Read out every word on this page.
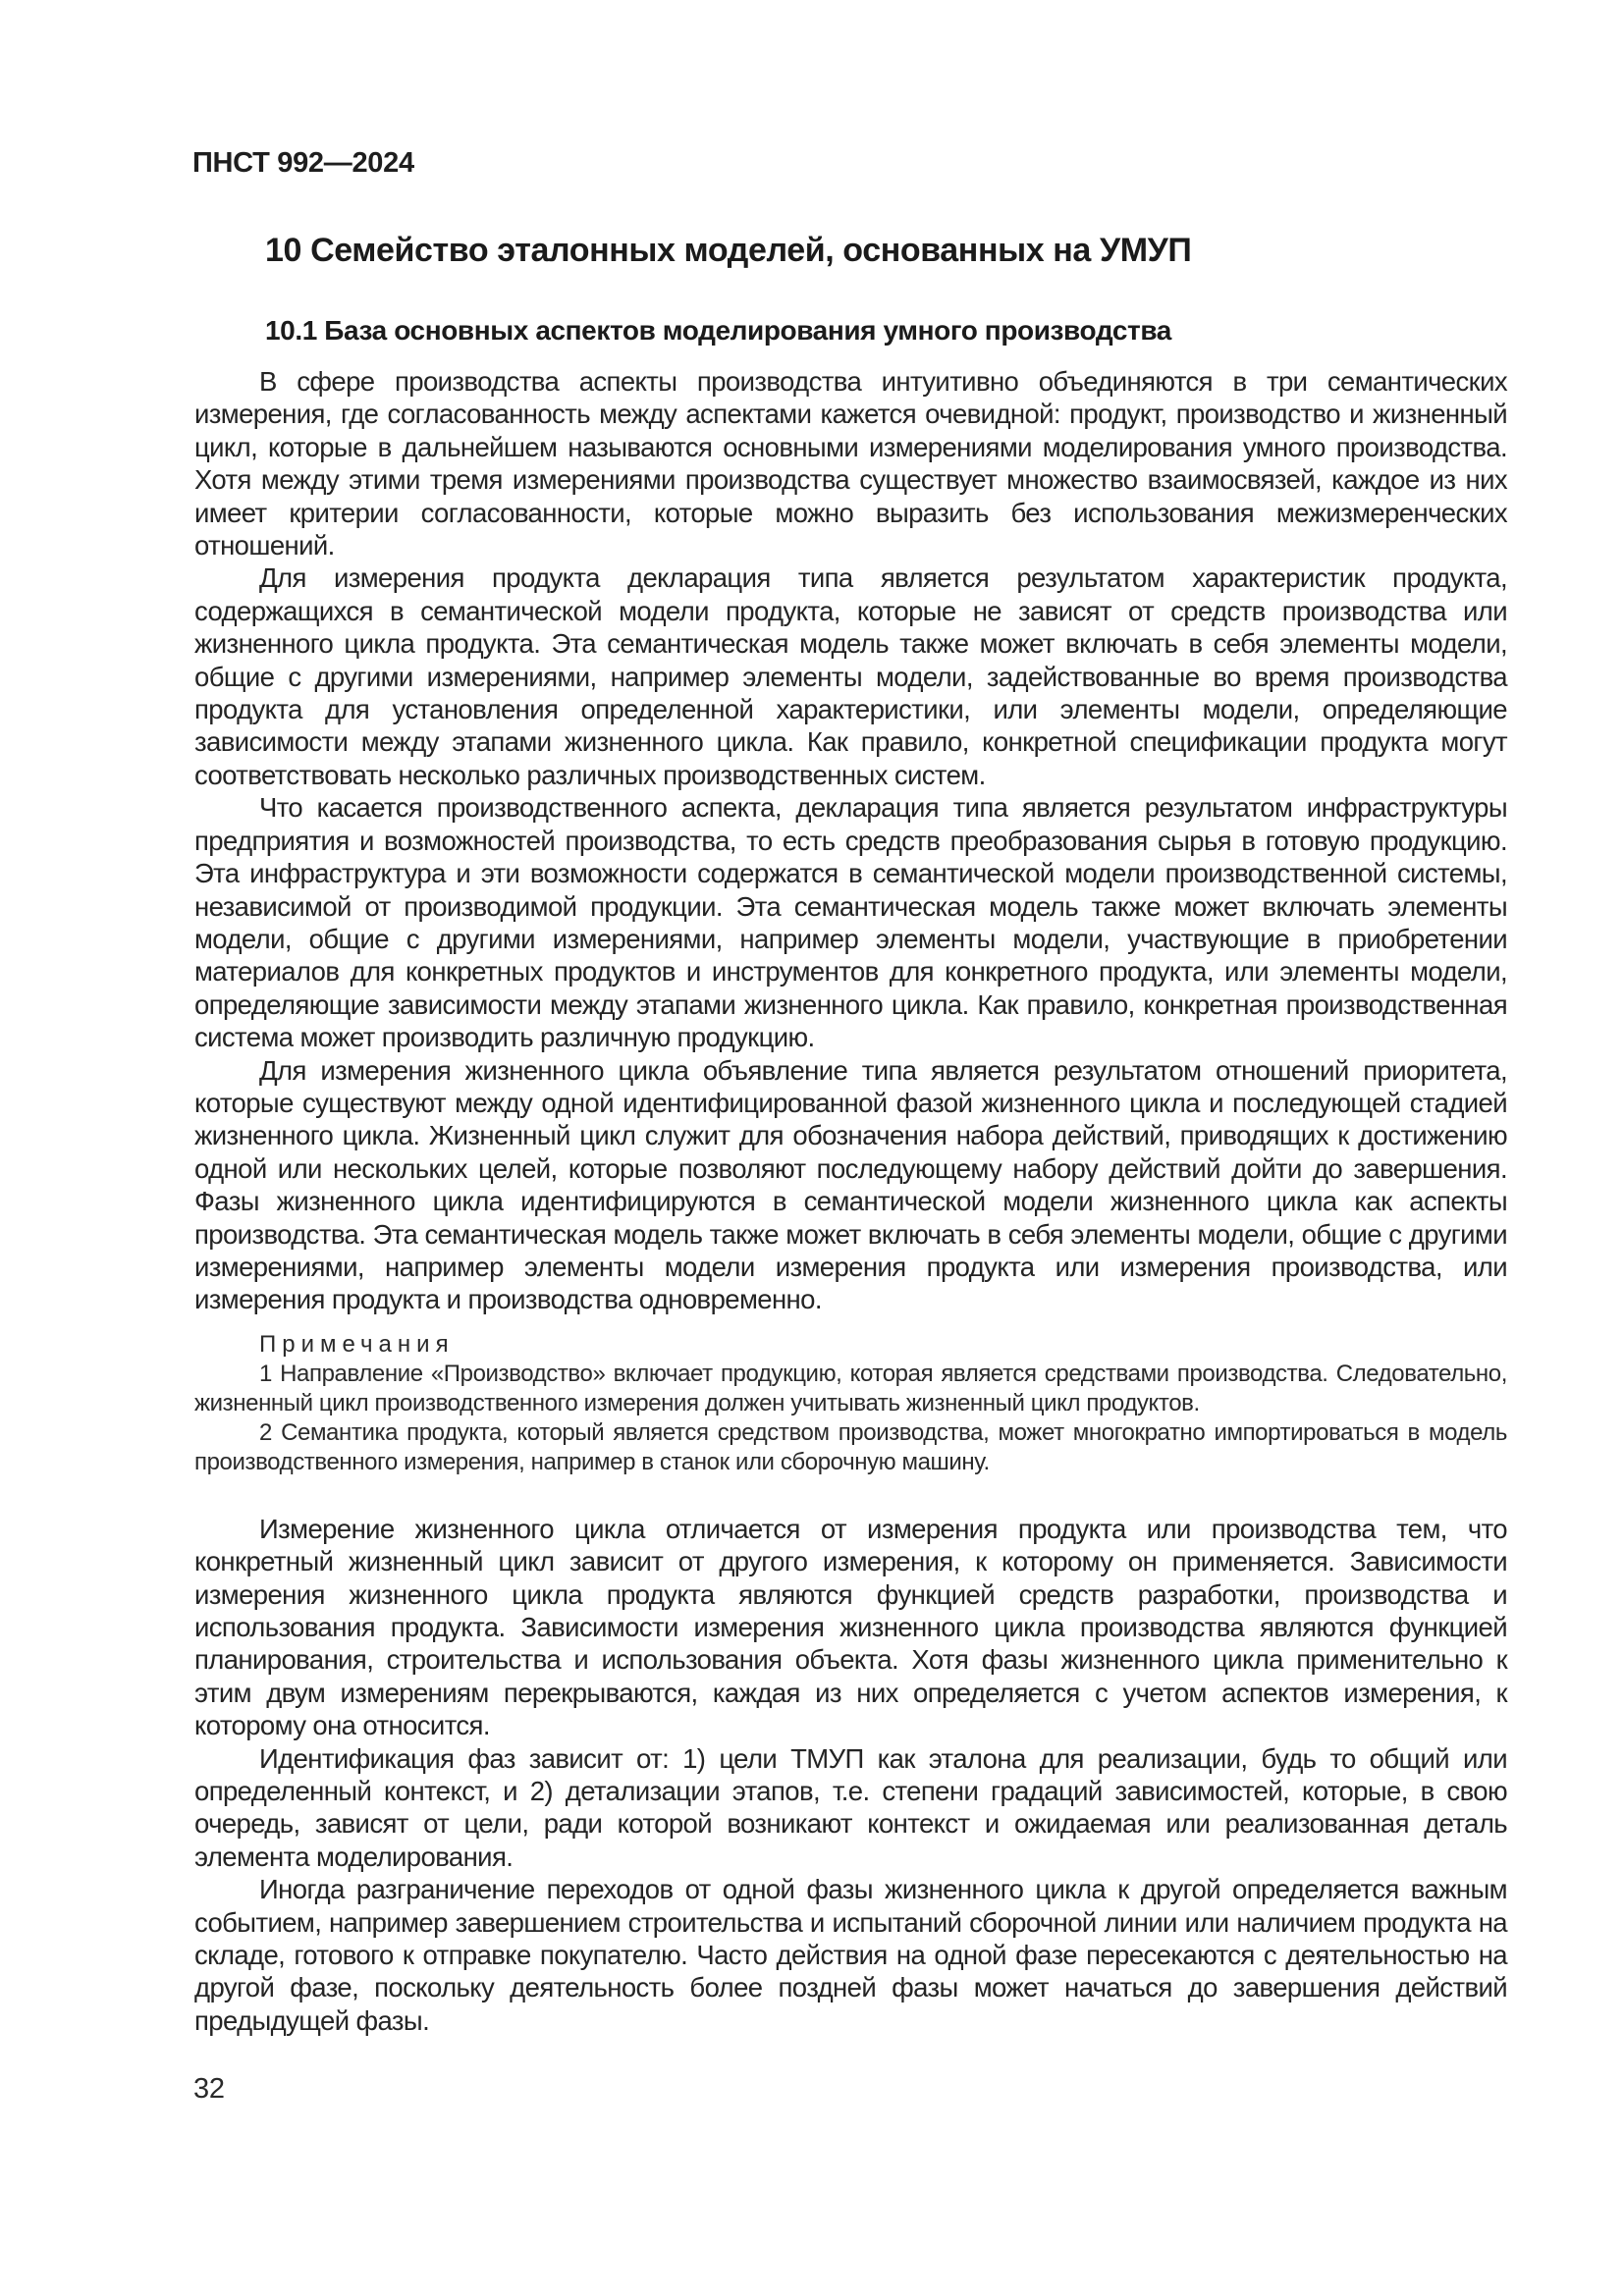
ПНСТ 992—2024
10 Семейство эталонных моделей, основанных на УМУП
10.1 База основных аспектов моделирования умного производства

В сфере производства аспекты производства интуитивно объединяются в три семантических измерения, где согласованность между аспектами кажется очевидной: продукт, производство и жизненный цикл, которые в дальнейшем называются основными измерениями моделирования умного производства. Хотя между этими тремя измерениями производства существует множество взаимосвязей, каждое из них имеет критерии согласованности, которые можно выразить без использования межизмеренческих отношений.

Для измерения продукта декларация типа является результатом характеристик продукта, содержащихся в семантической модели продукта, которые не зависят от средств производства или жизненного цикла продукта. Эта семантическая модель также может включать в себя элементы модели, общие с другими измерениями, например элементы модели, задействованные во время производства продукта для установления определенной характеристики, или элементы модели, определяющие зависимости между этапами жизненного цикла. Как правило, конкретной спецификации продукта могут соответствовать несколько различных производственных систем.

Что касается производственного аспекта, декларация типа является результатом инфраструктуры предприятия и возможностей производства, то есть средств преобразования сырья в готовую продукцию. Эта инфраструктура и эти возможности содержатся в семантической модели производственной системы, независимой от производимой продукции. Эта семантическая модель также может включать элементы модели, общие с другими измерениями, например элементы модели, участвующие в приобретении материалов для конкретных продуктов и инструментов для конкретного продукта, или элементы модели, определяющие зависимости между этапами жизненного цикла. Как правило, конкретная производственная система может производить различную продукцию.

Для измерения жизненного цикла объявление типа является результатом отношений приоритета, которые существуют между одной идентифицированной фазой жизненного цикла и последующей стадией жизненного цикла. Жизненный цикл служит для обозначения набора действий, приводящих к достижению одной или нескольких целей, которые позволяют последующему набору действий дойти до завершения. Фазы жизненного цикла идентифицируются в семантической модели жизненного цикла как аспекты производства. Эта семантическая модель также может включать в себя элементы модели, общие с другими измерениями, например элементы модели измерения продукта или измерения производства, или измерения продукта и производства одновременно.

Примечания

1 Направление «Производство» включает продукцию, которая является средствами производства. Следовательно, жизненный цикл производственного измерения должен учитывать жизненный цикл продуктов.

2 Семантика продукта, который является средством производства, может многократно импортироваться в модель производственного измерения, например в станок или сборочную машину.

Измерение жизненного цикла отличается от измерения продукта или производства тем, что конкретный жизненный цикл зависит от другого измерения, к которому он применяется. Зависимости измерения жизненного цикла продукта являются функцией средств разработки, производства и использования продукта. Зависимости измерения жизненного цикла производства являются функцией планирования, строительства и использования объекта. Хотя фазы жизненного цикла применительно к этим двум измерениям перекрываются, каждая из них определяется с учетом аспектов измерения, к которому она относится.

Идентификация фаз зависит от: 1) цели ТМУП как эталона для реализации, будь то общий или определенный контекст, и 2) детализации этапов, т.е. степени градаций зависимостей, которые, в свою очередь, зависят от цели, ради которой возникают контекст и ожидаемая или реализованная деталь элемента моделирования.

Иногда разграничение переходов от одной фазы жизненного цикла к другой определяется важным событием, например завершением строительства и испытаний сборочной линии или наличием продукта на складе, готового к отправке покупателю. Часто действия на одной фазе пересекаются с деятельностью на другой фазе, поскольку деятельность более поздней фазы может начаться до завершения действий предыдущей фазы.

32
